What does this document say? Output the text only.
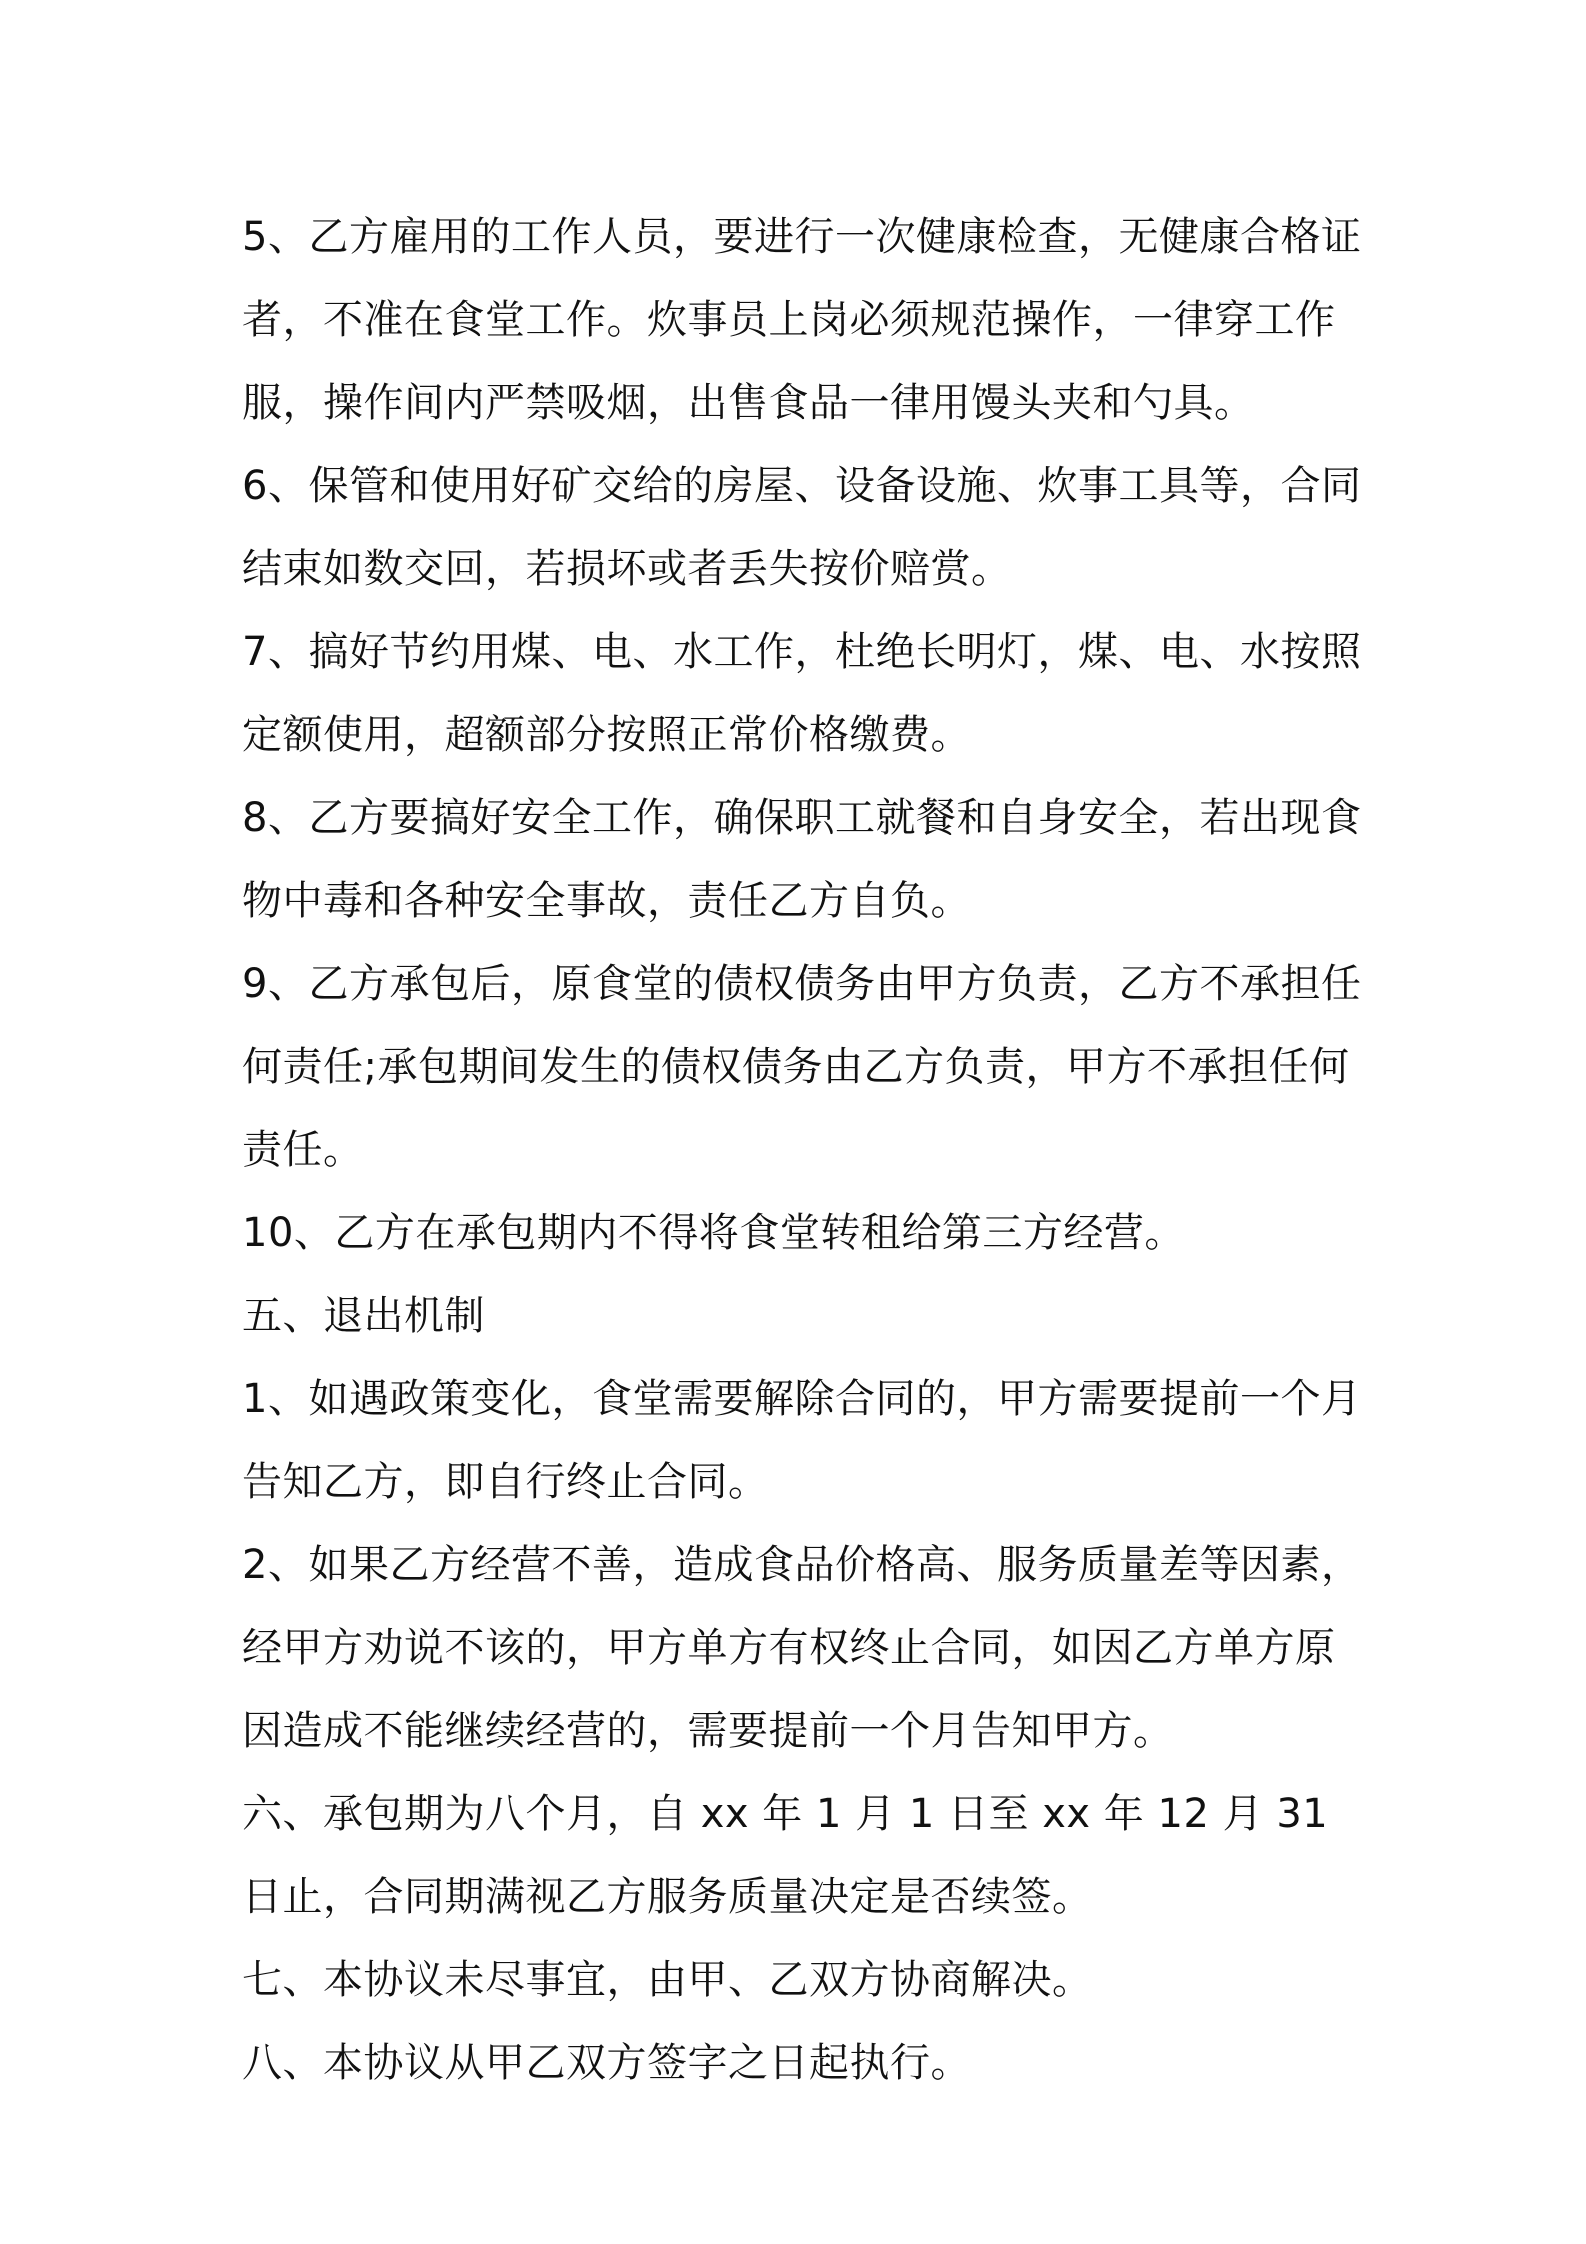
5、乙方雇用的工作人员，要进行一次健康检查，无健康合格证者，不准在食堂工作。炊事员上岗必须规范操作，一律穿工作服，操作间内严禁吸烟，出售食品一律用馒头夹和勺具。

6、保管和使用好矿交给的房屋、设备设施、炊事工具等，合同结束如数交回，若损坏或者丢失按价赔赏。

7、搞好节约用煤、电、水工作，杜绝长明灯，煤、电、水按照定额使用，超额部分按照正常价格缴费。

8、乙方要搞好安全工作，确保职工就餐和自身安全，若出现食物中毒和各种安全事故，责任乙方自负。

9、乙方承包后，原食堂的债权债务由甲方负责，乙方不承担任何责任;承包期间发生的债权债务由乙方负责，甲方不承担任何责任。

10、乙方在承包期内不得将食堂转租给第三方经营。

五、退出机制

1、如遇政策变化，食堂需要解除合同的，甲方需要提前一个月告知乙方，即自行终止合同。

2、如果乙方经营不善，造成食品价格高、服务质量差等因素，经甲方劝说不该的，甲方单方有权终止合同，如因乙方单方原因造成不能继续经营的，需要提前一个月告知甲方。

六、承包期为八个月，自 xx 年 1 月 1 日至 xx 年 12 月 31 日止，合同期满视乙方服务质量决定是否续签。

七、本协议未尽事宜，由甲、乙双方协商解决。

八、本协议从甲乙双方签字之日起执行。
